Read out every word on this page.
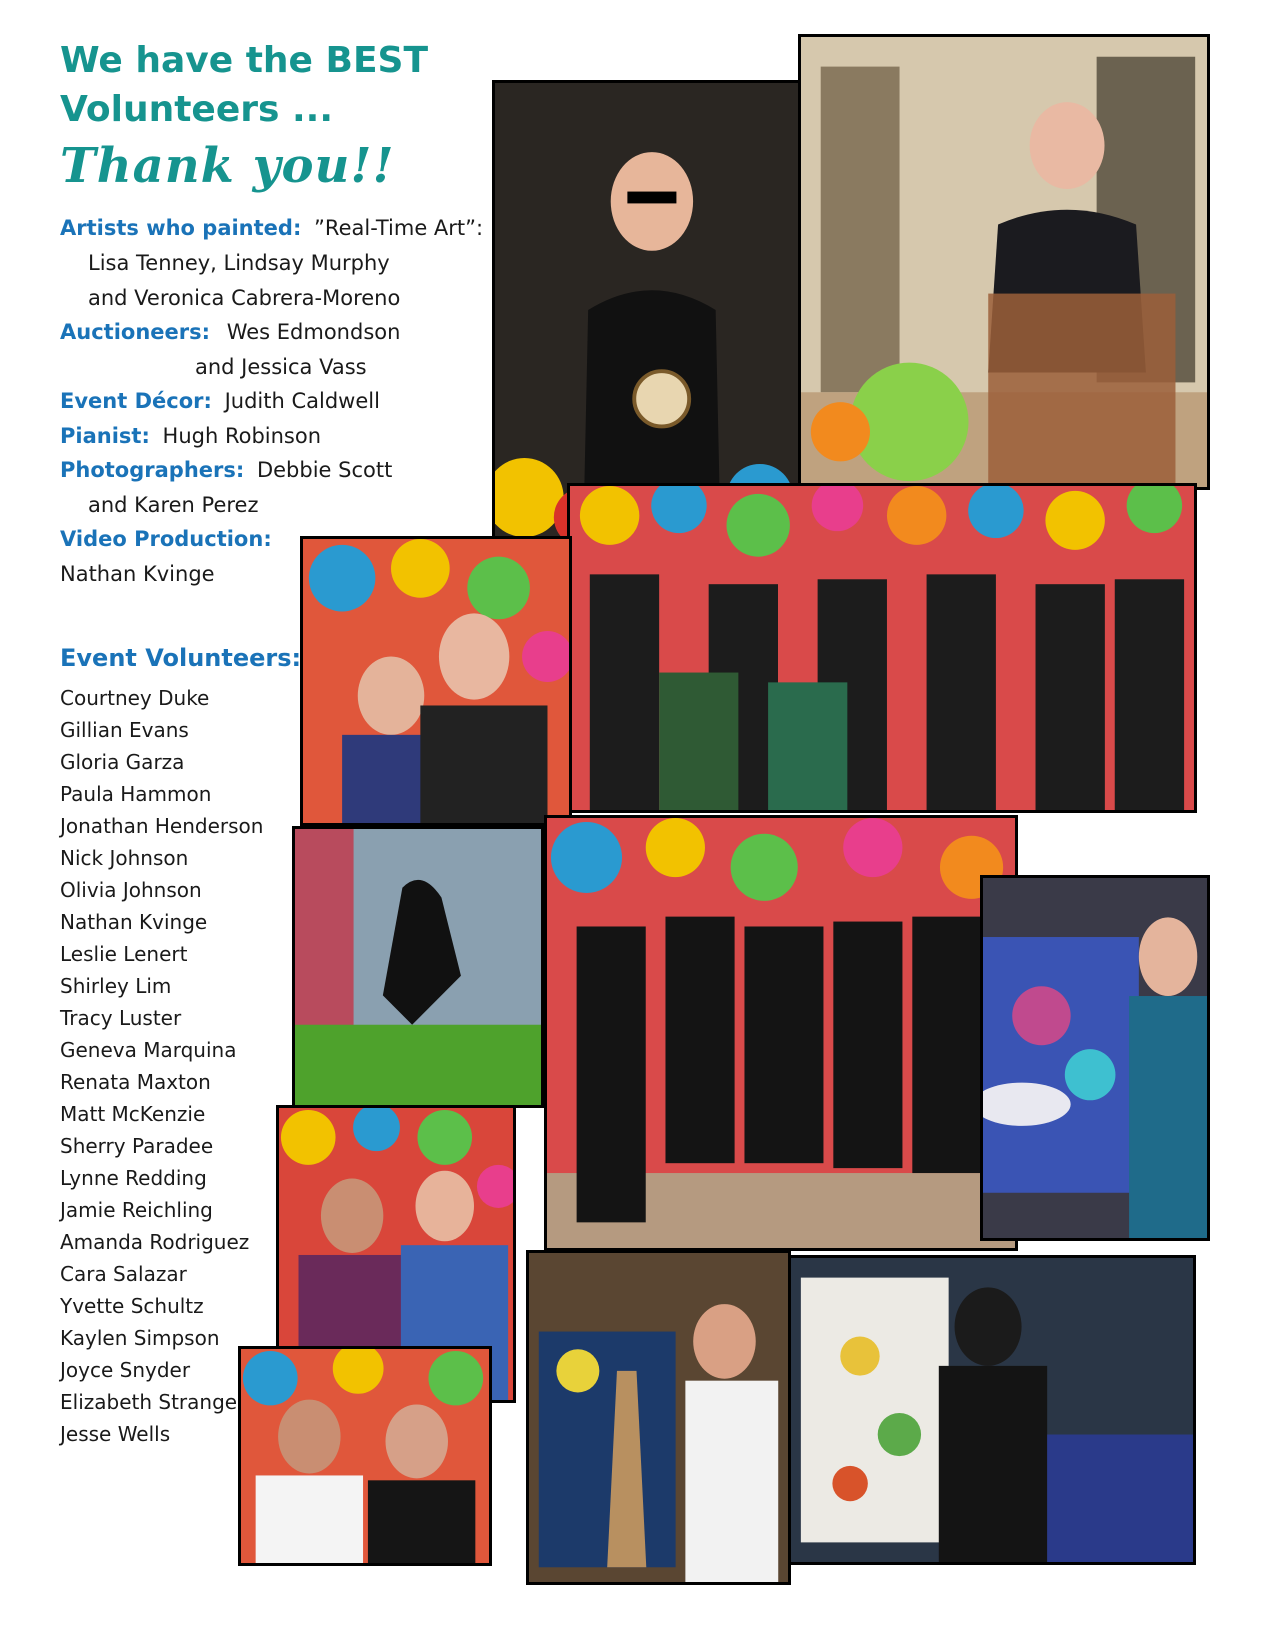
We have the BEST
Volunteers ...
Thank you!!
Artists who painted: ”Real-Time Art”:
Lisa Tenney, Lindsay Murphy
and Veronica Cabrera-Moreno
Auctioneers: Wes Edmondson
and Jessica Vass
Event Décor: Judith Caldwell
Pianist: Hugh Robinson
Photographers: Debbie Scott
and Karen Perez
Video Production:
Nathan Kvinge
Event Volunteers:
Courtney Duke
Gillian Evans
Gloria Garza
Paula Hammon
Jonathan Henderson
Nick Johnson
Olivia Johnson
Nathan Kvinge
Leslie Lenert
Shirley Lim
Tracy Luster
Geneva Marquina
Renata Maxton
Matt McKenzie
Sherry Paradee
Lynne Redding
Jamie Reichling
Amanda Rodriguez
Cara Salazar
Yvette Schultz
Kaylen Simpson
Joyce Snyder
Elizabeth Strange
Jesse Wells
